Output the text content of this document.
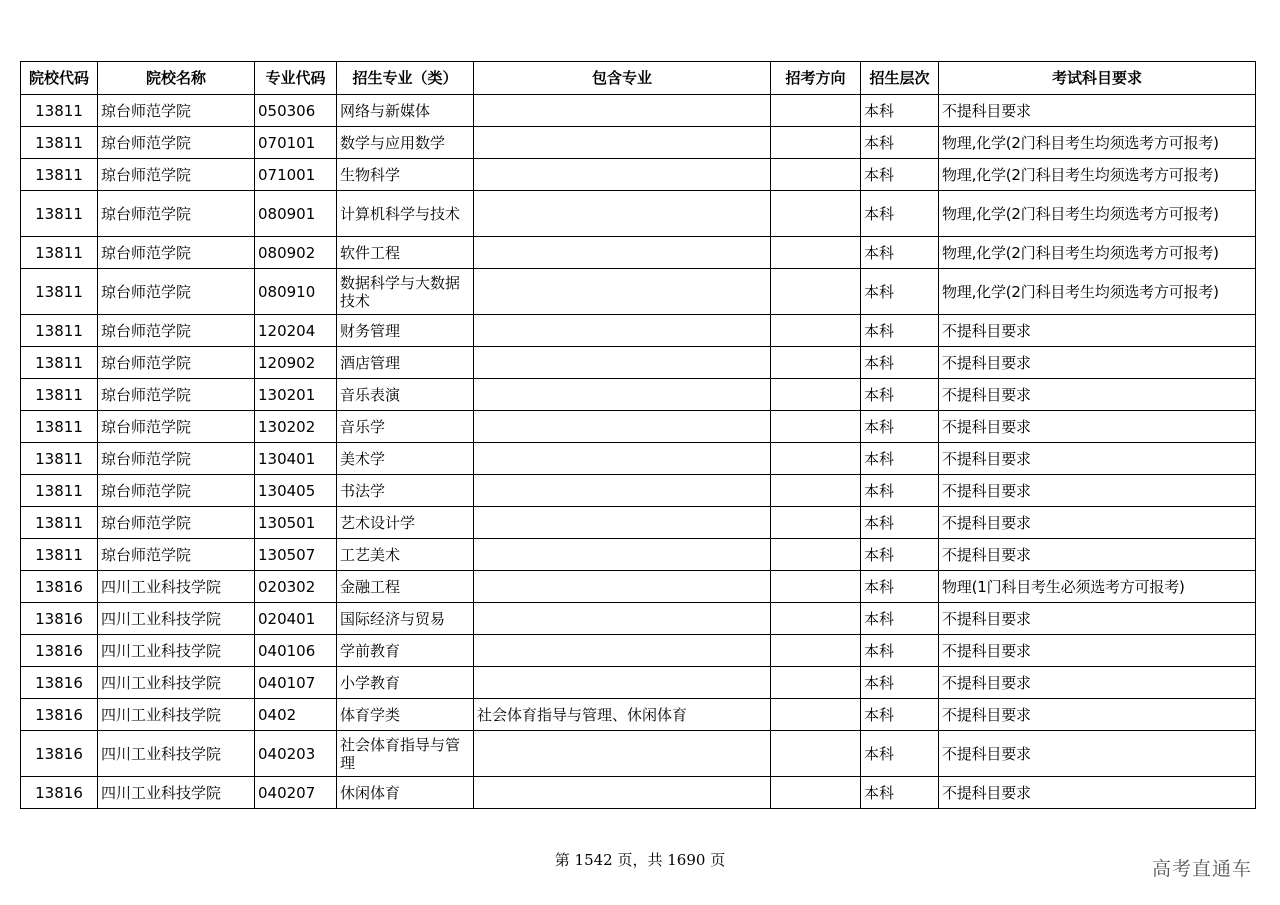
院校代码	院校名称	专业代码	招生专业（类）	包含专业	招考方向	招生层次	考试科目要求
13811	琼台师范学院	050306	网络与新媒体			本科	不提科目要求
13811	琼台师范学院	070101	数学与应用数学			本科	物理,化学(2门科目考生均须选考方可报考)
13811	琼台师范学院	071001	生物科学			本科	物理,化学(2门科目考生均须选考方可报考)
13811	琼台师范学院	080901	计算机科学与技术			本科	物理,化学(2门科目考生均须选考方可报考)
13811	琼台师范学院	080902	软件工程			本科	物理,化学(2门科目考生均须选考方可报考)
13811	琼台师范学院	080910	数据科学与大数据技术			本科	物理,化学(2门科目考生均须选考方可报考)
13811	琼台师范学院	120204	财务管理			本科	不提科目要求
13811	琼台师范学院	120902	酒店管理			本科	不提科目要求
13811	琼台师范学院	130201	音乐表演			本科	不提科目要求
13811	琼台师范学院	130202	音乐学			本科	不提科目要求
13811	琼台师范学院	130401	美术学			本科	不提科目要求
13811	琼台师范学院	130405	书法学			本科	不提科目要求
13811	琼台师范学院	130501	艺术设计学			本科	不提科目要求
13811	琼台师范学院	130507	工艺美术			本科	不提科目要求
13816	四川工业科技学院	020302	金融工程			本科	物理(1门科目考生必须选考方可报考)
13816	四川工业科技学院	020401	国际经济与贸易			本科	不提科目要求
13816	四川工业科技学院	040106	学前教育			本科	不提科目要求
13816	四川工业科技学院	040107	小学教育			本科	不提科目要求
13816	四川工业科技学院	0402	体育学类	社会体育指导与管理、休闲体育		本科	不提科目要求
13816	四川工业科技学院	040203	社会体育指导与管理			本科	不提科目要求
13816	四川工业科技学院	040207	休闲体育			本科	不提科目要求
第 1542 页，共 1690 页	高考直通车
